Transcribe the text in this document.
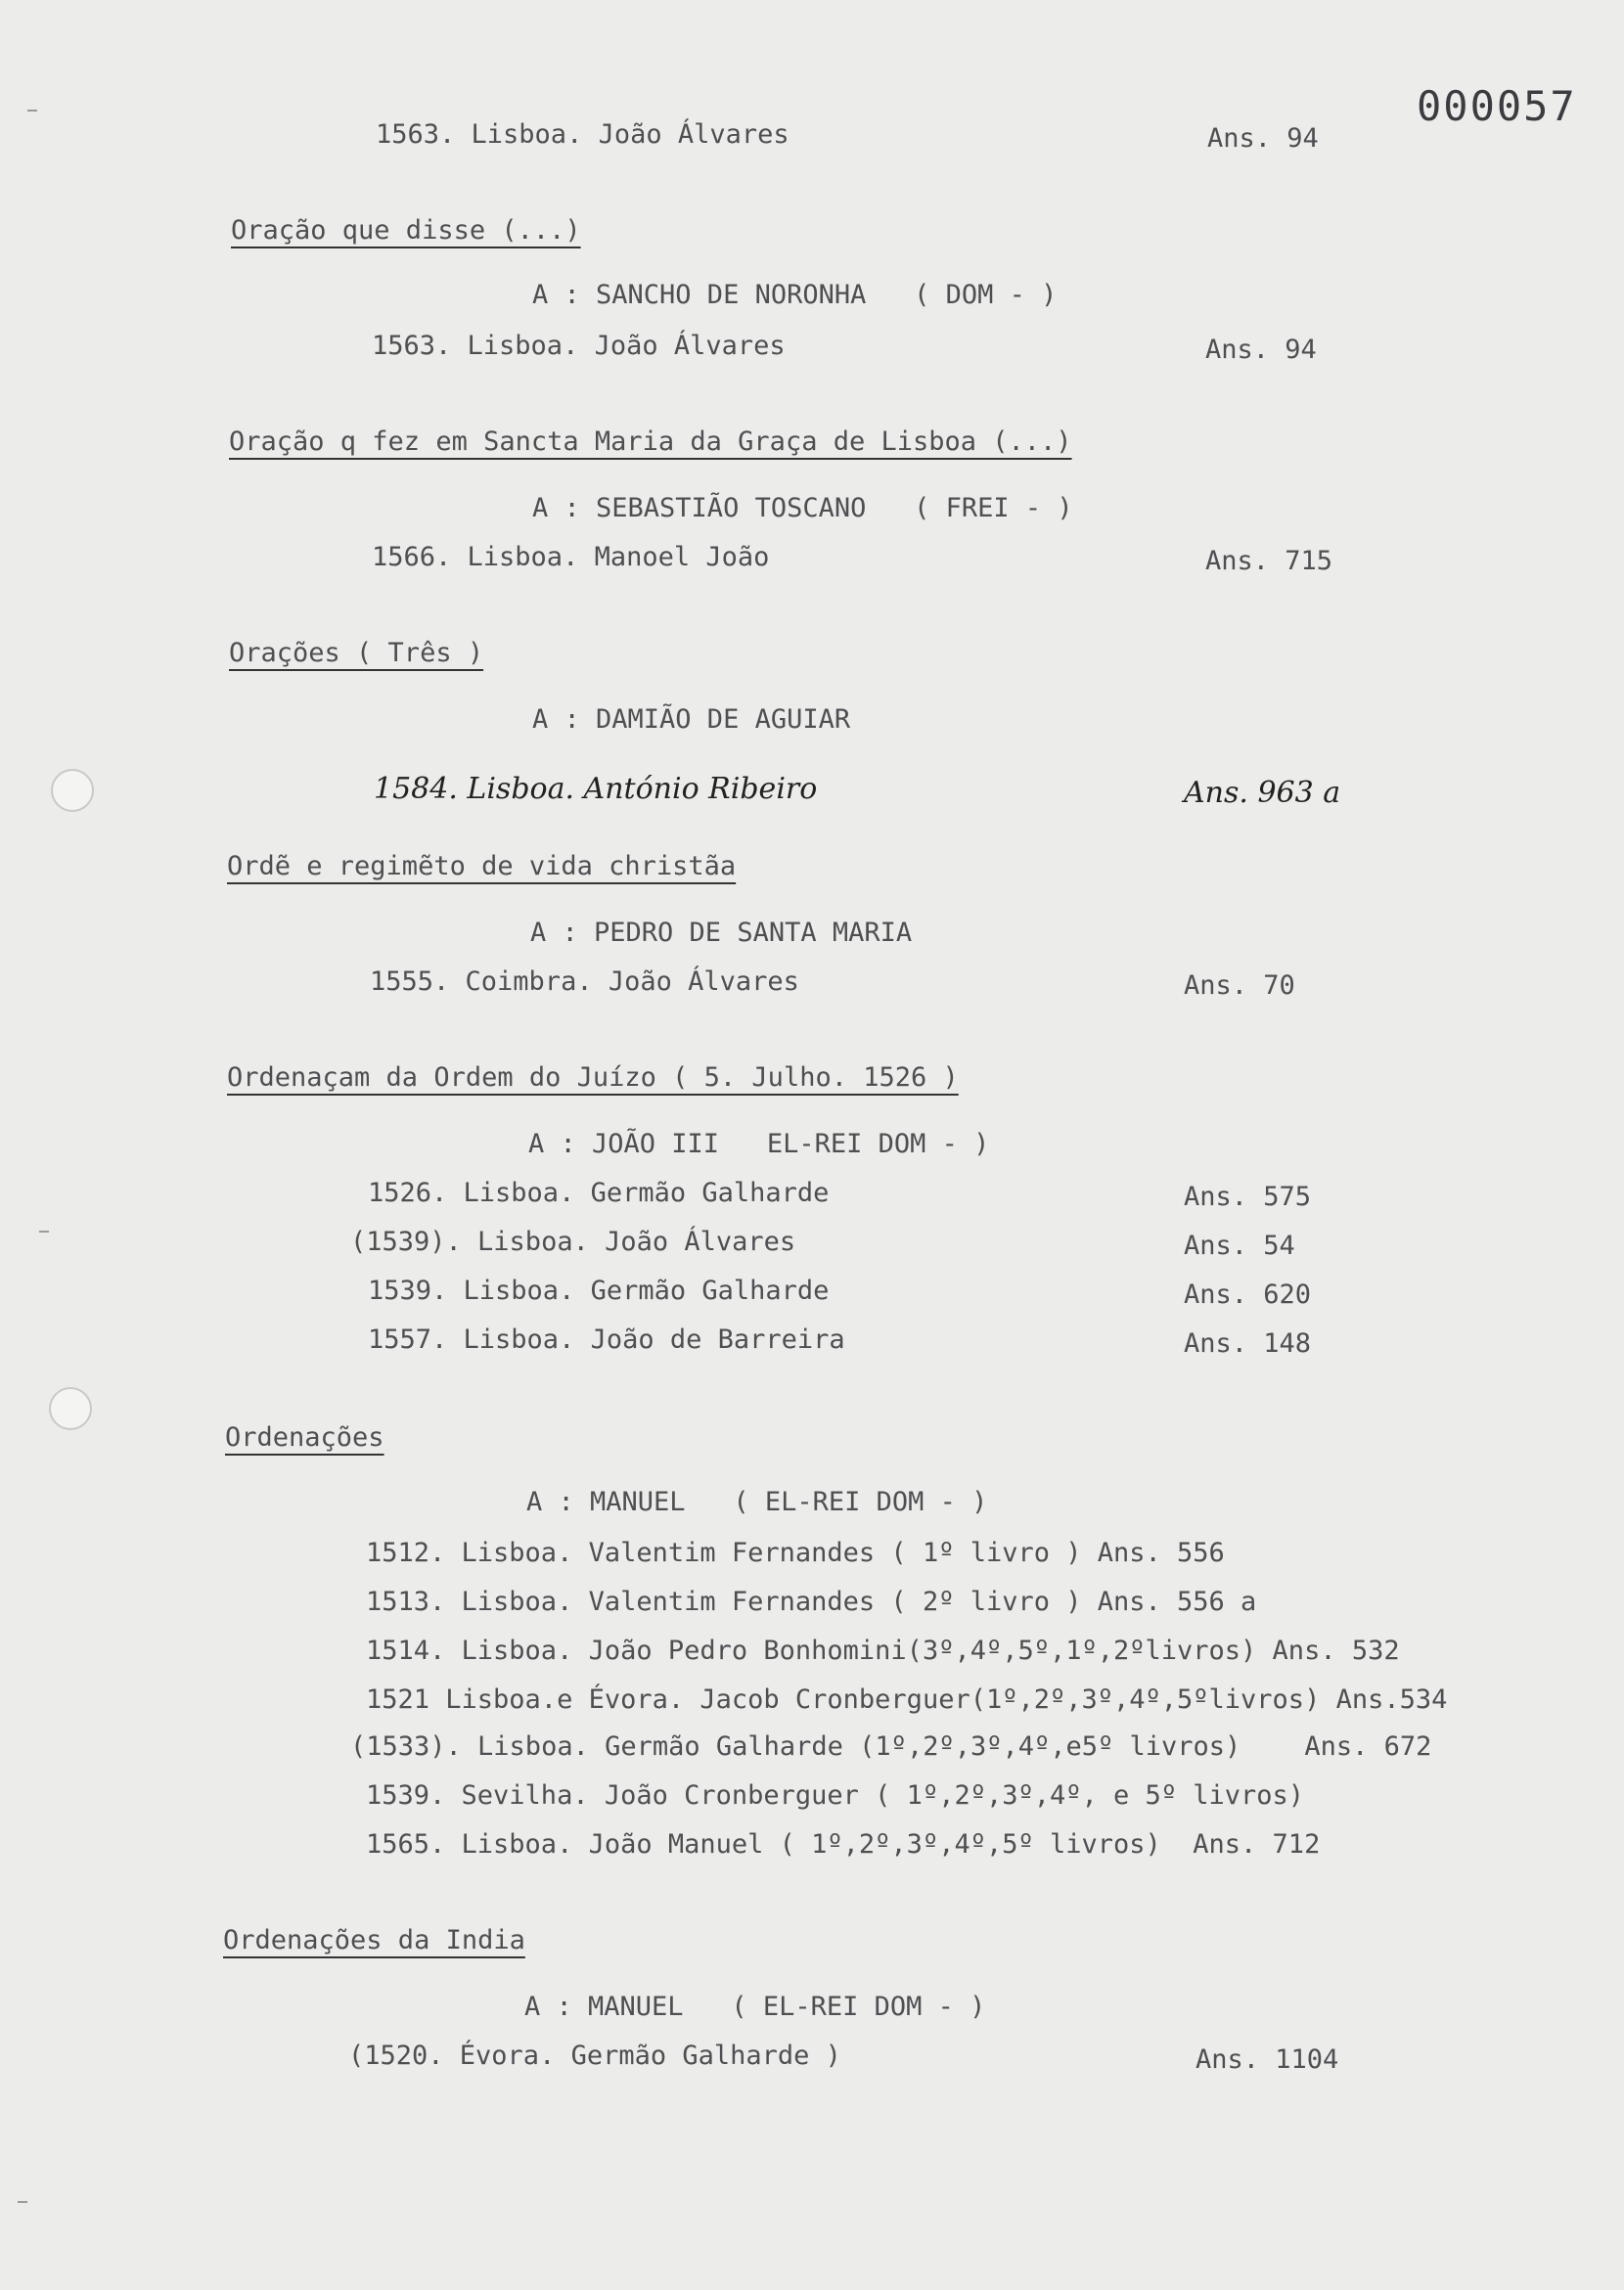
000057
1563. Lisboa. João Álvares	Ans. 94
Oração que disse (...)
A : SANCHO DE NORONHA   ( DOM - )
1563. Lisboa. João Álvares	Ans. 94
Oração q fez em Sancta Maria da Graça de Lisboa (...)
A : SEBASTIÃO TOSCANO   ( FREI - )
1566. Lisboa. Manoel João	Ans. 715
Orações ( Três )
A : DAMIÃO DE AGUIAR
1584. Lisboa. António Ribeiro	Ans. 963 a
Ordẽ e regimẽto de vida christãa
A : PEDRO DE SANTA MARIA
1555. Coimbra. João Álvares	Ans. 70
Ordenaçam da Ordem do Juízo ( 5. Julho. 1526 )
A : JOÃO III   EL-REI DOM - )
1526. Lisboa. Germão Galharde	Ans. 575
(1539). Lisboa. João Álvares	Ans. 54
1539. Lisboa. Germão Galharde	Ans. 620
1557. Lisboa. João de Barreira	Ans. 148
Ordenações
A : MANUEL   ( EL-REI DOM - )
1512. Lisboa. Valentim Fernandes ( 1º livro ) Ans. 556
1513. Lisboa. Valentim Fernandes ( 2º livro ) Ans. 556 a
1514. Lisboa. João Pedro Bonhomini(3º,4º,5º,1º,2ºlivros) Ans. 532
1521 Lisboa.e Évora. Jacob Cronberguer(1º,2º,3º,4º,5ºlivros) Ans.534
(1533). Lisboa. Germão Galharde (1º,2º,3º,4º,e5º livros)    Ans. 672
1539. Sevilha. João Cronberguer ( 1º,2º,3º,4º, e 5º livros)
1565. Lisboa. João Manuel ( 1º,2º,3º,4º,5º livros)  Ans. 712
Ordenações da India
A : MANUEL   ( EL-REI DOM - )
(1520. Évora. Germão Galharde )	Ans. 1104
